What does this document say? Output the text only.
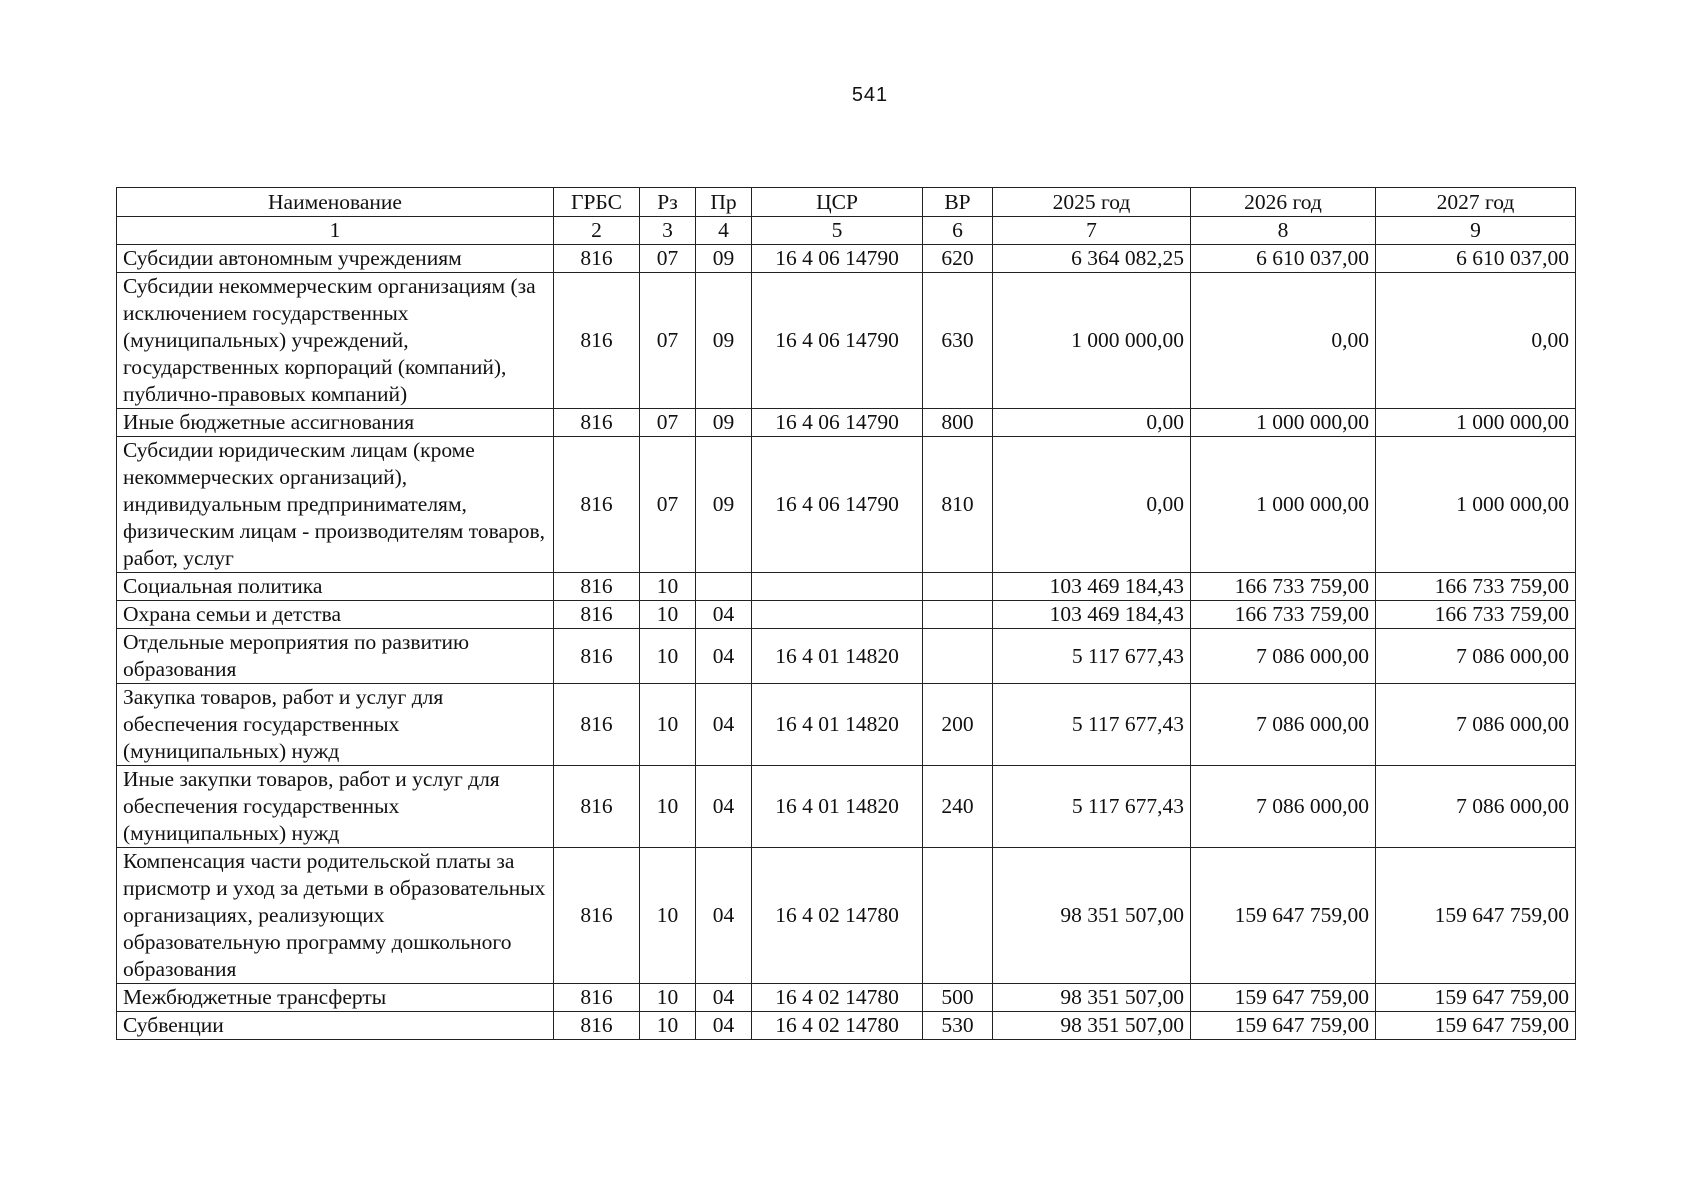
541
Наименование	ГРБС	Рз	Пр	ЦСР	ВР	2025 год	2026 год	2027 год
1	2	3	4	5	6	7	8	9
Субсидии автономным учреждениям	816	07	09	16 4 06 14790	620	6 364 082,25	6 610 037,00	6 610 037,00
Субсидии некоммерческим организациям (за исключением государственных (муниципальных) учреждений, государственных корпораций (компаний), публично-правовых компаний)	816	07	09	16 4 06 14790	630	1 000 000,00	0,00	0,00
Иные бюджетные ассигнования	816	07	09	16 4 06 14790	800	0,00	1 000 000,00	1 000 000,00
Субсидии юридическим лицам (кроме некоммерческих организаций), индивидуальным предпринимателям, физическим лицам - производителям товаров, работ, услуг	816	07	09	16 4 06 14790	810	0,00	1 000 000,00	1 000 000,00
Социальная политика	816	10				103 469 184,43	166 733 759,00	166 733 759,00
Охрана семьи и детства	816	10	04			103 469 184,43	166 733 759,00	166 733 759,00
Отдельные мероприятия по развитию образования	816	10	04	16 4 01 14820		5 117 677,43	7 086 000,00	7 086 000,00
Закупка товаров, работ и услуг для обеспечения государственных (муниципальных) нужд	816	10	04	16 4 01 14820	200	5 117 677,43	7 086 000,00	7 086 000,00
Иные закупки товаров, работ и услуг для обеспечения государственных (муниципальных) нужд	816	10	04	16 4 01 14820	240	5 117 677,43	7 086 000,00	7 086 000,00
Компенсация части родительской платы за присмотр и уход за детьми в образовательных организациях, реализующих образовательную программу дошкольного образования	816	10	04	16 4 02 14780		98 351 507,00	159 647 759,00	159 647 759,00
Межбюджетные трансферты	816	10	04	16 4 02 14780	500	98 351 507,00	159 647 759,00	159 647 759,00
Субвенции	816	10	04	16 4 02 14780	530	98 351 507,00	159 647 759,00	159 647 759,00
